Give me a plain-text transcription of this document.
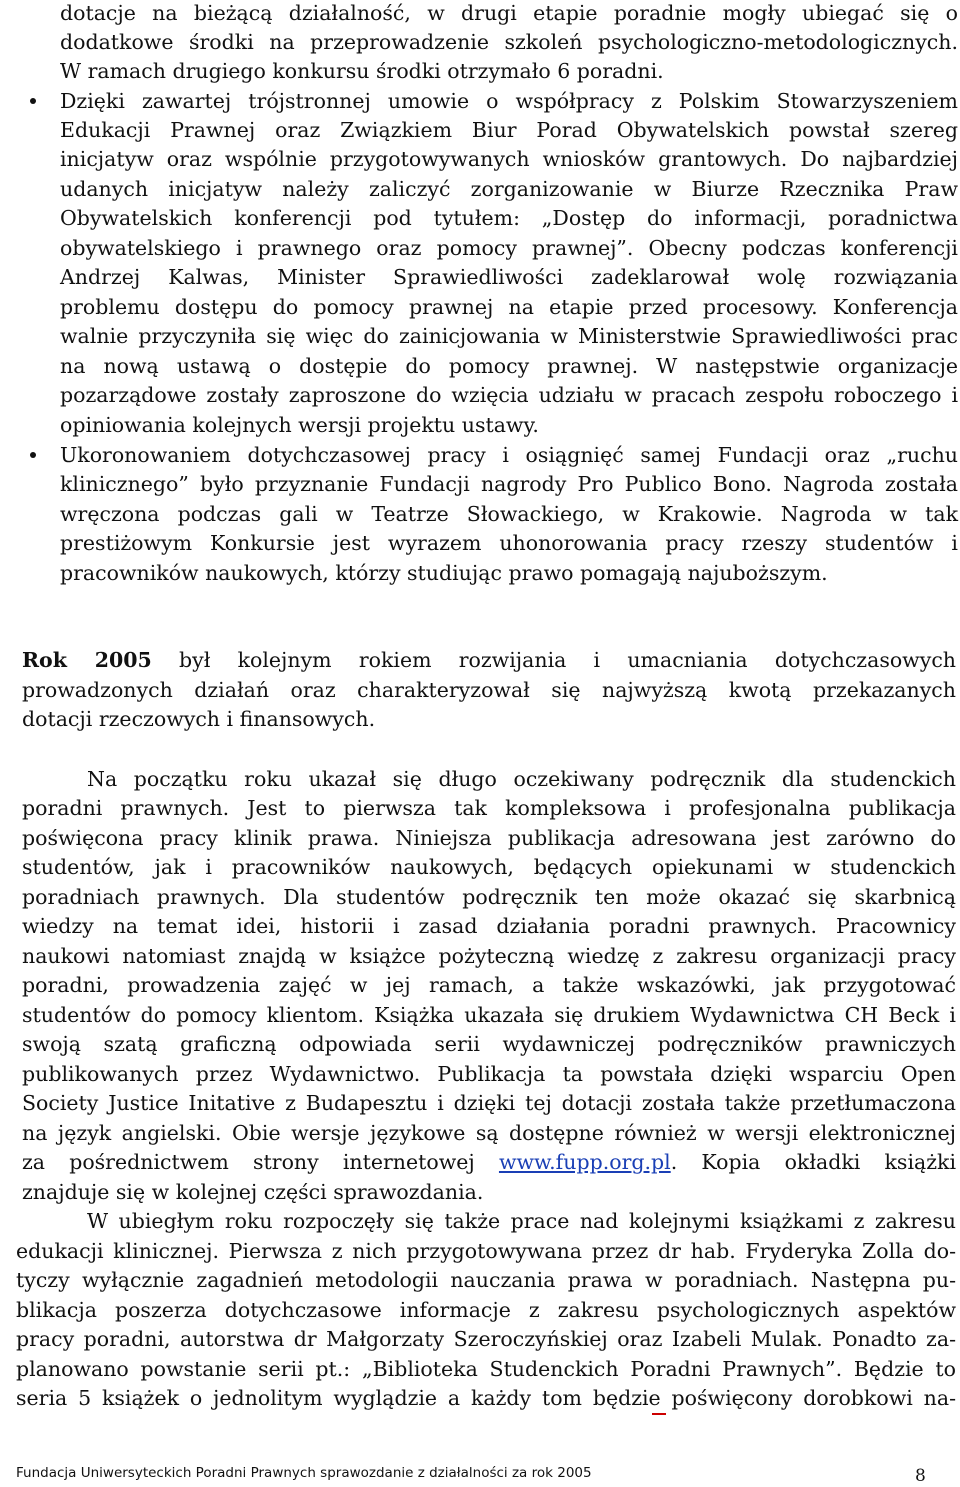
dotacje na bieżącą działalność, w drugi etapie poradnie mogły ubiegać się o
dodatkowe środki na przeprowadzenie szkoleń psychologiczno-metodologicznych.
W ramach drugiego konkursu środki otrzymało 6 poradni.
Dzięki zawartej trójstronnej umowie o współpracy z Polskim Stowarzyszeniem
Edukacji Prawnej oraz Związkiem Biur Porad Obywatelskich powstał szereg
inicjatyw oraz wspólnie przygotowywanych wniosków grantowych. Do najbardziej
udanych inicjatyw należy zaliczyć zorganizowanie w Biurze Rzecznika Praw
Obywatelskich konferencji pod tytułem: „Dostęp do informacji, poradnictwa
obywatelskiego i prawnego oraz pomocy prawnej”. Obecny podczas konferencji
Andrzej Kalwas, Minister Sprawiedliwości zadeklarował wolę rozwiązania
problemu dostępu do pomocy prawnej na etapie przed procesowy. Konferencja
walnie przyczyniła się więc do zainicjowania w Ministerstwie Sprawiedliwości prac
na nową ustawą o dostępie do pomocy prawnej. W następstwie organizacje
pozarządowe zostały zaproszone do wzięcia udziału w pracach zespołu roboczego i
opiniowania kolejnych wersji projektu ustawy.
Ukoronowaniem dotychczasowej pracy i osiągnięć samej Fundacji oraz „ruchu
klinicznego” było przyznanie Fundacji nagrody Pro Publico Bono. Nagroda została
wręczona podczas gali w Teatrze Słowackiego, w Krakowie. Nagroda w tak
prestiżowym Konkursie jest wyrazem uhonorowania pracy rzeszy studentów i
pracowników naukowych, którzy studiując prawo pomagają najuboższym.
Rok 2005 był kolejnym rokiem rozwijania i umacniania dotychczasowych
prowadzonych działań oraz charakteryzował się najwyższą kwotą przekazanych
dotacji rzeczowych i finansowych.
Na początku roku ukazał się długo oczekiwany podręcznik dla studenckich
poradni prawnych. Jest to pierwsza tak kompleksowa i profesjonalna publikacja
poświęcona pracy klinik prawa. Niniejsza publikacja adresowana jest zarówno do
studentów, jak i pracowników naukowych, będących opiekunami w studenckich
poradniach prawnych. Dla studentów podręcznik ten może okazać się skarbnicą
wiedzy na temat idei, historii i zasad działania poradni prawnych. Pracownicy
naukowi natomiast znajdą w książce pożyteczną wiedzę z zakresu organizacji pracy
poradni, prowadzenia zajęć w jej ramach, a także wskazówki, jak przygotować
studentów do pomocy klientom. Książka ukazała się drukiem Wydawnictwa CH Beck i
swoją szatą graficzną odpowiada serii wydawniczej podręczników prawniczych
publikowanych przez Wydawnictwo. Publikacja ta powstała dzięki wsparciu Open
Society Justice Initative z Budapesztu i dzięki tej dotacji została także przetłumaczona
na język angielski. Obie wersje językowe są dostępne również w wersji elektronicznej
za pośrednictwem strony internetowej www.fupp.org.pl. Kopia okładki książki
znajduje się w kolejnej części sprawozdania.
W ubiegłym roku rozpoczęły się także prace nad kolejnymi książkami z zakresu
edukacji klinicznej. Pierwsza z nich przygotowywana przez dr hab. Fryderyka Zolla do-
tyczy wyłącznie zagadnień metodologii nauczania prawa w poradniach. Następna pu-
blikacja poszerza dotychczasowe informacje z zakresu psychologicznych aspektów
pracy poradni, autorstwa dr Małgorzaty Szeroczyńskiej oraz Izabeli Mulak. Ponadto za-
planowano powstanie serii pt.: „Biblioteka Studenckich Poradni Prawnych”. Będzie to
seria 5 książek o jednolitym wyglądzie a każdy tom będzie poświęcony dorobkowi na-
Fundacja Uniwersyteckich Poradni Prawnych sprawozdanie z działalności za rok 2005	8
